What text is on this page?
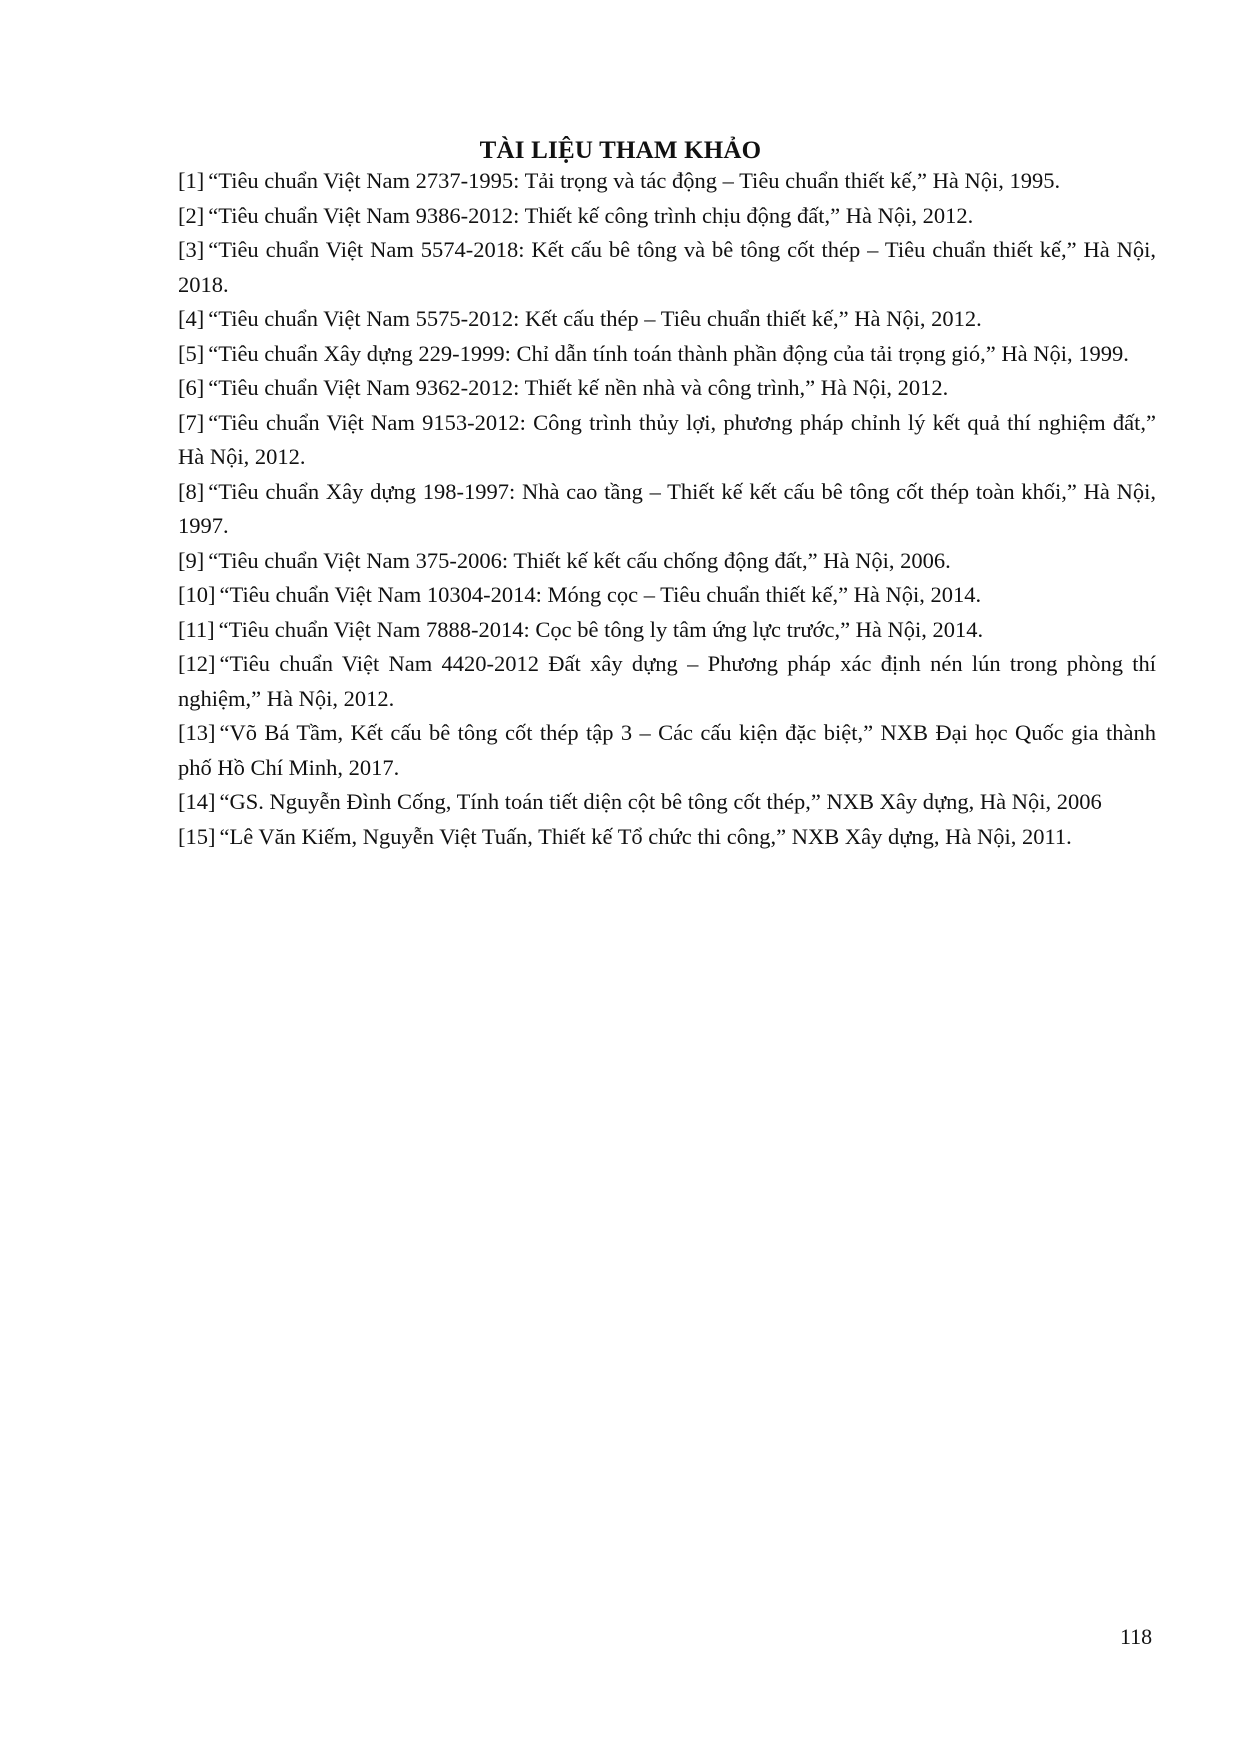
TÀI LIỆU THAM KHẢO
[1] “Tiêu chuẩn Việt Nam 2737-1995: Tải trọng và tác động – Tiêu chuẩn thiết kế,” Hà Nội, 1995.
[2] “Tiêu chuẩn Việt Nam 9386-2012: Thiết kế công trình chịu động đất,” Hà Nội, 2012.
[3] “Tiêu chuẩn Việt Nam 5574-2018: Kết cấu bê tông và bê tông cốt thép – Tiêu chuẩn thiết kế,” Hà Nội, 2018.
[4] “Tiêu chuẩn Việt Nam 5575-2012: Kết cấu thép – Tiêu chuẩn thiết kế,” Hà Nội, 2012.
[5] “Tiêu chuẩn Xây dựng 229-1999: Chỉ dẫn tính toán thành phần động của tải trọng gió,” Hà Nội, 1999.
[6] “Tiêu chuẩn Việt Nam 9362-2012: Thiết kế nền nhà và công trình,” Hà Nội, 2012.
[7] “Tiêu chuẩn Việt Nam 9153-2012: Công trình thủy lợi, phương pháp chỉnh lý kết quả thí nghiệm đất,” Hà Nội, 2012.
[8] “Tiêu chuẩn Xây dựng 198-1997: Nhà cao tầng – Thiết kế kết cấu bê tông cốt thép toàn khối,” Hà Nội, 1997.
[9] “Tiêu chuẩn Việt Nam 375-2006: Thiết kế kết cấu chống động đất,” Hà Nội, 2006.
[10] “Tiêu chuẩn Việt Nam 10304-2014: Móng cọc – Tiêu chuẩn thiết kế,” Hà Nội, 2014.
[11] “Tiêu chuẩn Việt Nam 7888-2014: Cọc bê tông ly tâm ứng lực trước,” Hà Nội, 2014.
[12] “Tiêu chuẩn Việt Nam 4420-2012 Đất xây dựng – Phương pháp xác định nén lún trong phòng thí nghiệm,” Hà Nội, 2012.
[13] “Võ Bá Tầm, Kết cấu bê tông cốt thép tập 3 – Các cấu kiện đặc biệt,” NXB Đại học Quốc gia thành phố Hồ Chí Minh, 2017.
[14] “GS. Nguyễn Đình Cống, Tính toán tiết diện cột bê tông cốt thép,” NXB Xây dựng, Hà Nội, 2006
[15] “Lê Văn Kiếm, Nguyễn Việt Tuấn, Thiết kế Tổ chức thi công,” NXB Xây dựng, Hà Nội, 2011.
118
